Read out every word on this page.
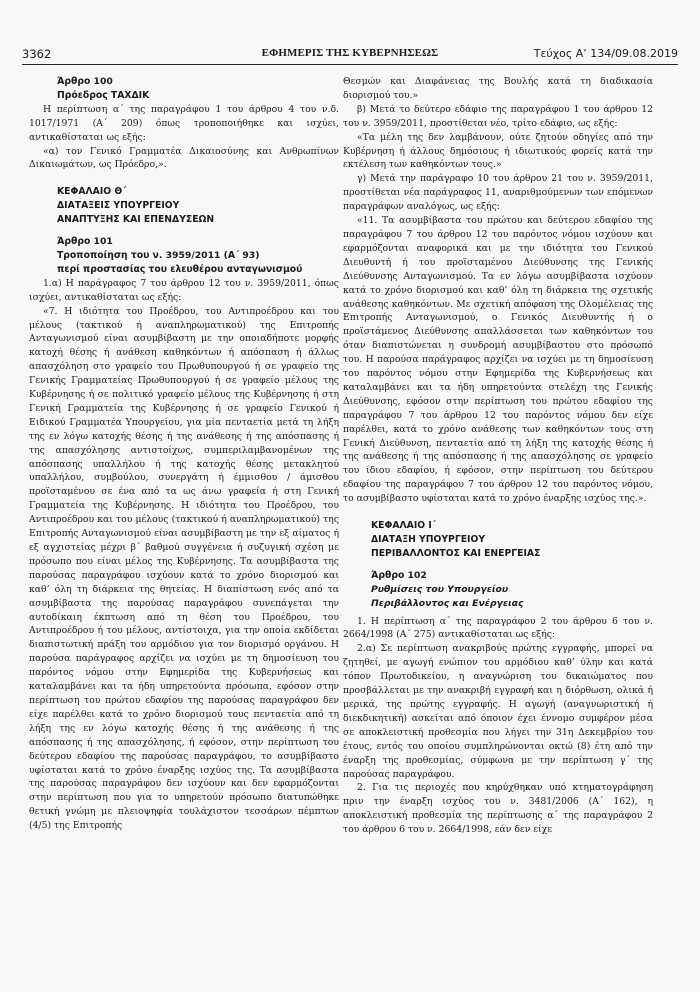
3362	ΕΦΗΜΕΡΙΣ ΤΗΣ ΚΥΒΕΡΝΗΣΕΩΣ	Τεύχος Α’ 134/09.08.2019

Άρθρο 100

Πρόεδρος ΤΑΧΔΙΚ

Η περίπτωση α΄ της παραγράφου 1 του άρθρου 4 του ν.δ. 1017/1971 (Α΄ 209) όπως τροποποιήθηκε και ισχύει, αντικαθίσταται ως εξής:

«α) τον Γενικό Γραμματέα Δικαιοσύνης και Ανθρωπίνων Δικαιωμάτων, ως Πρόεδρο,».

ΚΕΦΑΛΑΙΟ Θ΄

ΔΙΑΤΑΞΕΙΣ ΥΠΟΥΡΓΕΙΟΥ

ΑΝΑΠΤΥΞΗΣ ΚΑΙ ΕΠΕΝΔΥΣΕΩΝ

Άρθρο 101

Τροποποίηση του ν. 3959/2011 (Α΄ 93)

περί προστασίας του ελευθέρου ανταγωνισμού

1.α) Η παράγραφος 7 του άρθρου 12 του ν. 3959/2011, όπως ισχύει, αντικαθίσταται ως εξής:

«7. Η ιδιότητα του Προέδρου, του Αντιπροέδρου και του μέλους (τακτικού ή αναπληρωματικού) της Επιτροπής Ανταγωνισμού είναι ασυμβίβαστη με την οποιαδήποτε μορφής κατοχή θέσης ή ανάθεση καθηκόντων ή απόσπαση ή άλλως απασχόληση στο γραφείο του Πρωθυπουργού ή σε γραφείο της Γενικής Γραμματείας Πρωθυπουργού ή σε γραφείο μέλους της Κυβέρνησης ή σε πολιτικό γραφείο μέλους της Κυβέρνησης ή στη Γενική Γραμματεία της Κυβέρνησης ή σε γραφείο Γενικού ή Ειδικού Γραμματέα Υπουργείου, για μία πενταετία μετά τη λήξη της εν λόγω κατοχής θέσης ή της ανάθεσης ή της απόσπασης ή της απασχόλησης αντιστοίχως, συμπεριλαμβανομένων της απόσπασης υπαλλήλου ή της κατοχής θέσης μετακλητού υπαλλήλου, συμβούλου, συνεργάτη ή έμμισθου / άμισθου προϊσταμένου σε ένα από τα ως άνω γραφεία ή στη Γενική Γραμματεία της Κυβέρνησης. Η ιδιότητα του Προέδρου, του Αντιπροέδρου και του μέλους (τακτικού ή αναπληρωματικού) της Επιτροπής Ανταγωνισμού είναι ασυμβίβαστη με την εξ αίματος ή εξ αγχιστείας μέχρι β΄ βαθμού συγγένεια ή συζυγική σχέση με πρόσωπο που είναι μέλος της Κυβέρνησης. Τα ασυμβίβαστα της παρούσας παραγράφου ισχύουν κατά το χρόνο διορισμού και καθ’ όλη τη διάρκεια της θητείας. Η διαπίστωση ενός από τα ασυμβίβαστα της παρούσας παραγράφου συνεπάγεται την αυτοδίκαιη έκπτωση από τη θέση του Προέδρου, του Αντιπροέδρου ή του μέλους, αντίστοιχα, για την οποία εκδίδεται διαπιστωτική πράξη του αρμόδιου για τον διορισμό οργάνου. Η παρούσα παράγραφος αρχίζει να ισχύει με τη δημοσίευση του παρόντος νόμου στην Εφημερίδα της Κυβερνήσεως και καταλαμβάνει και τα ήδη υπηρετούντα πρόσωπα, εφόσον στην περίπτωση του πρώτου εδαφίου της παρούσας παραγράφου δεν είχε παρέλθει κατά το χρόνο διορισμού τους πενταετία από τη λήξη της εν λόγω κατοχής θέσης ή της ανάθεσης ή της απόσπασης ή της απασχόλησης, ή εφόσον, στην περίπτωση του δεύτερου εδαφίου της παρούσας παραγράφου, το ασυμβίβαστο υφίσταται κατά το χρόνο έναρξης ισχύος της. Τα ασυμβίβαστα της παρούσας παραγράφου δεν ισχύουν και δεν εφαρμόζονται στην περίπτωση που για το υπηρετούν πρόσωπο διατυπώθηκε θετική γνώμη με πλειοψηφία τουλάχιστον τεσσάρων πέμπτων (4/5) της Επιτροπής

Θεσμών και Διαφάνειας της Βουλής κατά τη διαδικασία διορισμού του.»

β) Μετά το δεύτερο εδάφιο της παραγράφου 1 του άρθρου 12 του ν. 3959/2011, προστίθεται νέο, τρίτο εδάφιο, ως εξής:

«Τα μέλη της δεν λαμβάνουν, ούτε ζητούν οδηγίες από την Κυβέρνηση ή άλλους δημόσιους ή ιδιωτικούς φορείς κατά την εκτέλεση των καθηκόντων τους.»

γ) Μετά την παράγραφο 10 του άρθρου 21 του ν. 3959/2011, προστίθεται νέα παράγραφος 11, αναριθμούμενων των επόμενων παραγράφων αναλόγως, ως εξής:

«11. Τα ασυμβίβαστα του πρώτου και δεύτερου εδαφίου της παραγράφου 7 του άρθρου 12 του παρόντος νόμου ισχύουν και εφαρμόζονται αναφορικά και με την ιδιότητα του Γενικού Διευθυντή ή του προϊσταμένου Διεύθυνσης της Γενικής Διεύθυνσης Ανταγωνισμού. Τα εν λόγω ασυμβίβαστα ισχύουν κατά το χρόνο διορισμού και καθ’ όλη τη διάρκεια της σχετικής ανάθεσης καθηκόντων. Με σχετική απόφαση της Ολομέλειας της Επιτροπής Ανταγωνισμού, ο Γενικός Διευθυντής ή ο προϊστάμενος Διεύθυνσης απαλλάσσεται των καθηκόντων του όταν διαπιστώνεται η συνδρομή ασυμβίβαστου στο πρόσωπό του. Η παρούσα παράγραφος αρχίζει να ισχύει με τη δημοσίευση του παρόντος νόμου στην Εφημερίδα της Κυβερνήσεως και καταλαμβάνει και τα ήδη υπηρετούντα στελέχη της Γενικής Διεύθυνσης, εφόσον στην περίπτωση του πρώτου εδαφίου της παραγράφου 7 του άρθρου 12 του παρόντος νόμου δεν είχε παρέλθει, κατά το χρόνο ανάθεσης των καθηκόντων τους στη Γενική Διεύθυνση, πενταετία από τη λήξη της κατοχής θέσης ή της ανάθεσης ή της απόσπασης ή της απασχόλησης σε γραφείο του ίδιου εδαφίου, ή εφόσον, στην περίπτωση του δεύτερου εδαφίου της παραγράφου 7 του άρθρου 12 του παρόντος νόμου, το ασυμβίβαστο υφίσταται κατά το χρόνο έναρξης ισχύος της.».

ΚΕΦΑΛΑΙΟ Ι΄

ΔΙΑΤΑΞΗ ΥΠΟΥΡΓΕΙΟΥ

ΠΕΡΙΒΑΛΛΟΝΤΟΣ ΚΑΙ ΕΝΕΡΓΕΙΑΣ

Άρθρο 102

Ρυθμίσεις του Υπουργείου

Περιβάλλοντος και Ενέργειας

1. Η περίπτωση α΄ της παραγράφου 2 του άρθρου 6 του ν. 2664/1998 (Α΄ 275) αντικαθίσταται ως εξής:

2.α) Σε περίπτωση ανακριβούς πρώτης εγγραφής, μπορεί να ζητηθεί, με αγωγή ενώπιον του αρμόδιου καθ’ ύλην και κατά τόπον Πρωτοδικείου, η αναγνώριση του δικαιώματος που προσβάλλεται με την ανακριβή εγγραφή και η διόρθωση, ολικά ή μερικά, της πρώτης εγγραφής. Η αγωγή (αναγνωριστική ή διεκδικητική) ασκείται από όποιον έχει έννομο συμφέρον μέσα σε αποκλειστική προθεσμία που λήγει την 31η Δεκεμβρίου του έτους, εντός του οποίου συμπληρώνονται οκτώ (8) έτη από την έναρξη της προθεσμίας, σύμφωνα με την περίπτωση γ΄ της παρούσας παραγράφου.

2. Για τις περιοχές που κηρύχθηκαν υπό κτηματογράφηση πριν την έναρξη ισχύος του ν. 3481/2006 (Α΄ 162), η αποκλειστική προθεσμία της περίπτωσης α΄ της παραγράφου 2 του άρθρου 6 του ν. 2664/1998, εάν δεν είχε
